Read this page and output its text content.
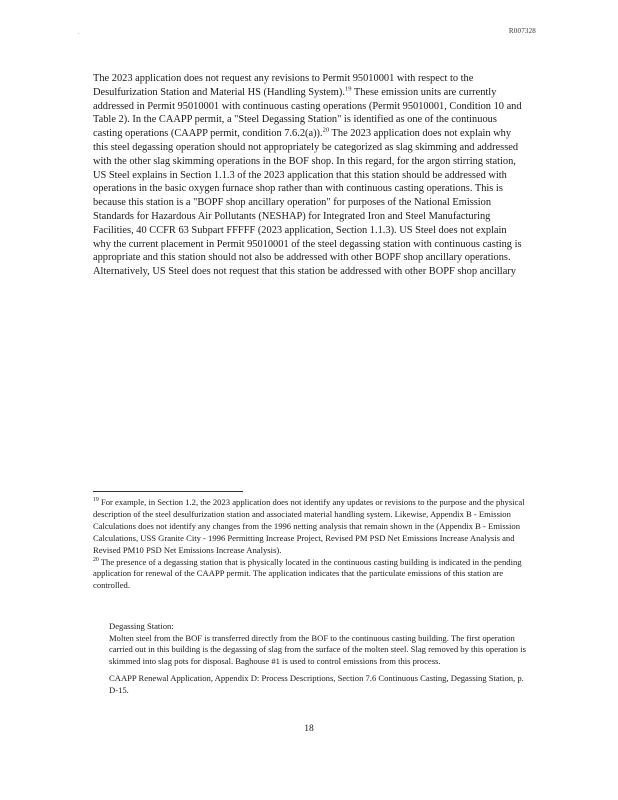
.	R007328
The 2023 application does not request any revisions to Permit 95010001 with respect to the Desulfurization Station and Material HS (Handling System).$^{19}$ These emission units are currently addressed in Permit 95010001 with continuous casting operations (Permit 95010001, Condition 10 and Table 2). In the CAAPP permit, a "Steel Degassing Station" is identified as one of the continuous casting operations (CAAPP permit, condition 7.6.2(a)).$^{20}$ The 2023 application does not explain why this steel degassing operation should not appropriately be categorized as slag skimming and addressed with the other slag skimming operations in the BOF shop. In this regard, for the argon stirring station, US Steel explains in Section 1.1.3 of the 2023 application that this station should be addressed with operations in the basic oxygen furnace shop rather than with continuous casting operations. This is because this station is a "BOPF shop ancillary operation" for purposes of the National Emission Standards for Hazardous Air Pollutants (NESHAP) for Integrated Iron and Steel Manufacturing Facilities, 40 CCFR 63 Subpart FFFFF (2023 application, Section 1.1.3). US Steel does not explain why the current placement in Permit 95010001 of the steel degassing station with continuous casting is appropriate and this station should not also be addressed with other BOPF shop ancillary operations. Alternatively, US Steel does not request that this station be addressed with other BOPF shop ancillary

$^{19}$ For example, in Section 1.2, the 2023 application does not identify any updates or revisions to the purpose and the physical description of the steel desulfurization station and associated material handling system. Likewise, Appendix B - Emission Calculations does not identify any changes from the 1996 netting analysis that remain shown in the (Appendix B - Emission Calculations, USS Granite City - 1996 Permitting Increase Project, Revised PM PSD Net Emissions Increase Analysis and Revised PM10 PSD Net Emissions Increase Analysis).

$^{20}$ The presence of a degassing station that is physically located in the continuous casting building is indicated in the pending application for renewal of the CAAPP permit. The application indicates that the particulate emissions of this station are controlled.

Degassing Station:

Molten steel from the BOF is transferred directly from the BOF to the continuous casting building. The first operation carried out in this building is the degassing of slag from the surface of the molten steel. Slag removed by this operation is skimmed into slag pots for disposal. Baghouse #1 is used to control emissions from this process.

CAAPP Renewal Application, Appendix D: Process Descriptions, Section 7.6 Continuous Casting, Degassing Station, p. D-15.

18
